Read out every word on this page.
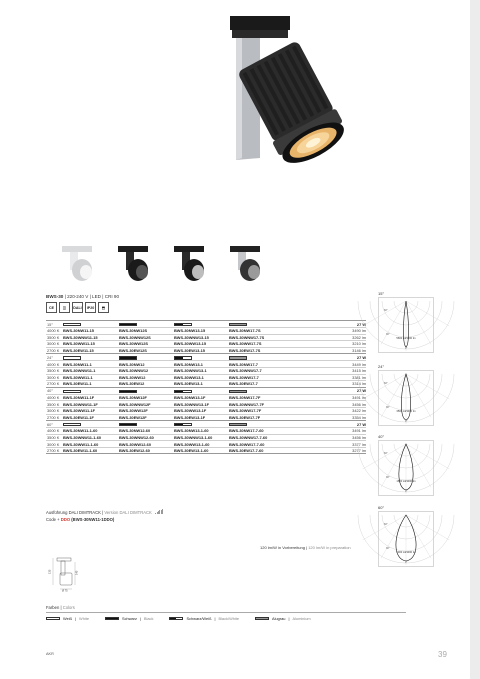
BWS-30 | 220-240 V | LED | CRI 90
CE	◫	DALI	IP20	⬒
15°	27 W
4000 K BWS-30NW11-15	BWS-30NW12S	BWS-30NW13-15	BWS-30NW17-7S	3490 lm
3500 K BWS-30WNW11-15	BWS-30WNW12S	BWS-30WNW13-15	BWS-30WNW17-7S	3262 lm
3000 K BWS-30WW11-15	BWS-30WW12S	BWS-30WW13-15	BWS-30WW17-7S	3210 lm
2700 K BWS-30EW11-15	BWS-30EW12S	BWS-30EW13-15	BWS-30EW17-7S	3146 lm
24°	27 W
4000 K BWS-30NW11-1	BWS-30NW12	BWS-30NW13-1	BWS-30NW17-7	3449 lm
3500 K BWS-30WNW11-1	BWS-30WNW12	BWS-30WNW13-1	BWS-30WNW17-7	3415 lm
3000 K BWS-30WW11-1	BWS-30WW12	BWS-30WW13-1	BWS-30WW17-7	3381 lm
2700 K BWS-30EW11-1	BWS-30EW12	BWS-30EW13-1	BWS-30EW17-7	3314 lm
40°	27 W
4000 K BWS-30NW11-1F	BWS-30NW12F	BWS-30NW13-1F	BWS-30NW17-7F	3491 lm
3500 K BWS-30WNW11-1F	BWS-30WNW12F	BWS-30WNW13-1F	BWS-30WNW17-7F	3456 lm
3000 K BWS-30WW11-1F	BWS-30WW12F	BWS-30WW13-1F	BWS-30WW17-7F	3422 lm
2700 K BWS-30EW11-1F	BWS-30EW12F	BWS-30EW13-1F	BWS-30EW17-7F	3354 lm
60°	27 W
4000 K BWS-30NW11-1-60	BWS-30NW12-60	BWS-30NW13-1-60	BWS-30NW17-7-60	3491 lm
3500 K BWS-30WNW11-1-60	BWS-30WNW12-60	BWS-30WNW13-1-60	BWS-30WNW17-7-60	3456 lm
3000 K BWS-30WW11-1-60	BWS-30WW12-60	BWS-30WW13-1-60	BWS-30WW17-7-60	3377 lm
2700 K BWS-30EW11-1-60	BWS-30EW12-60	BWS-30EW13-1-60	BWS-30EW17-7-60	3277 lm
15°
5600 cd/1000 lm
60°
30°
0°
24°
3500 cd/1000 lm
60°
30°
0°
40°
1500 cd/1000 lm
60°
30°
0°
60°
1000 cd/1000 lm
60°
30°
0°
Ausführung DALI DIMTRACK | Version DALI DIMTRACK
Code + DDO (BWS-30NW11-1DDO)
120 lm/W in Vorbereitung | 120 lm/W in preparation
135	145
Ø 75
Farben | Colors
Weiß | White	Schwarz | Black	Schwarz/Weiß | Black/White	Alugrau | Aluminium
AKR	39
